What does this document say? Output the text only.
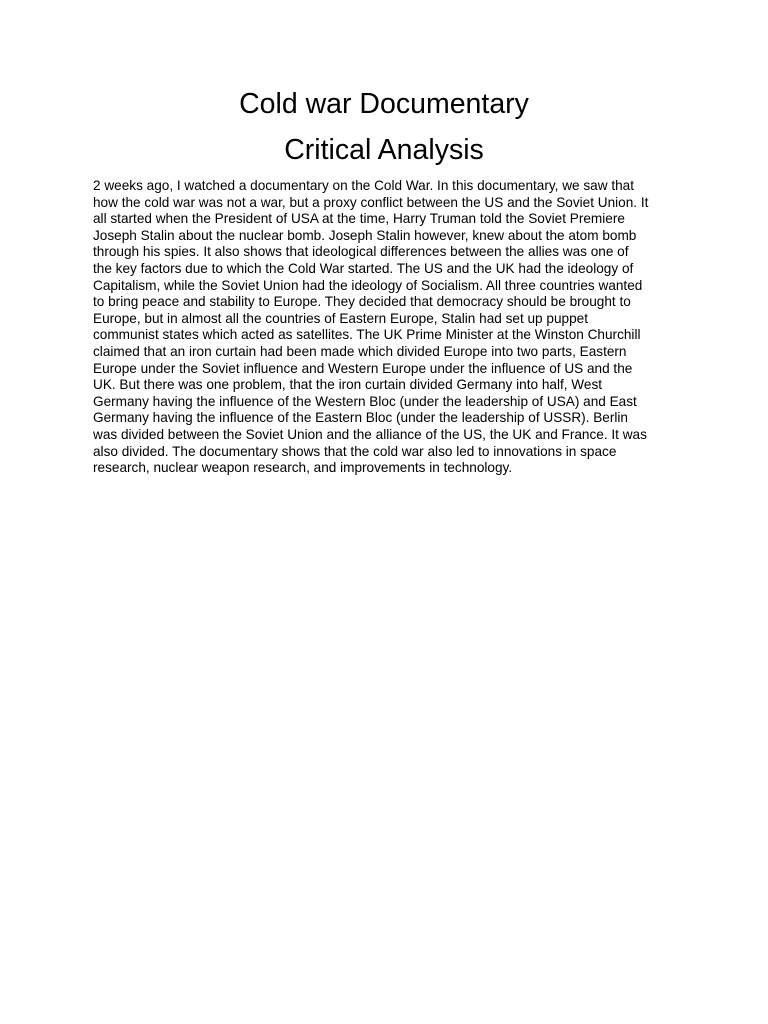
Cold war Documentary
Critical Analysis
2 weeks ago, I watched a documentary on the Cold War. In this documentary, we saw that
how the cold war was not a war, but a proxy conflict between the US and the Soviet Union. It
all started when the President of USA at the time, Harry Truman told the Soviet Premiere
Joseph Stalin about the nuclear bomb. Joseph Stalin however, knew about the atom bomb
through his spies. It also shows that ideological differences between the allies was one of
the key factors due to which the Cold War started. The US and the UK had the ideology of
Capitalism, while the Soviet Union had the ideology of Socialism. All three countries wanted
to bring peace and stability to Europe. They decided that democracy should be brought to
Europe, but in almost all the countries of Eastern Europe, Stalin had set up puppet
communist states which acted as satellites. The UK Prime Minister at the Winston Churchill
claimed that an iron curtain had been made which divided Europe into two parts, Eastern
Europe under the Soviet influence and Western Europe under the influence of US and the
UK. But there was one problem, that the iron curtain divided Germany into half, West
Germany having the influence of the Western Bloc (under the leadership of USA) and East
Germany having the influence of the Eastern Bloc (under the leadership of USSR). Berlin
was divided between the Soviet Union and the alliance of the US, the UK and France. It was
also divided. The documentary shows that the cold war also led to innovations in space
research, nuclear weapon research, and improvements in technology.
